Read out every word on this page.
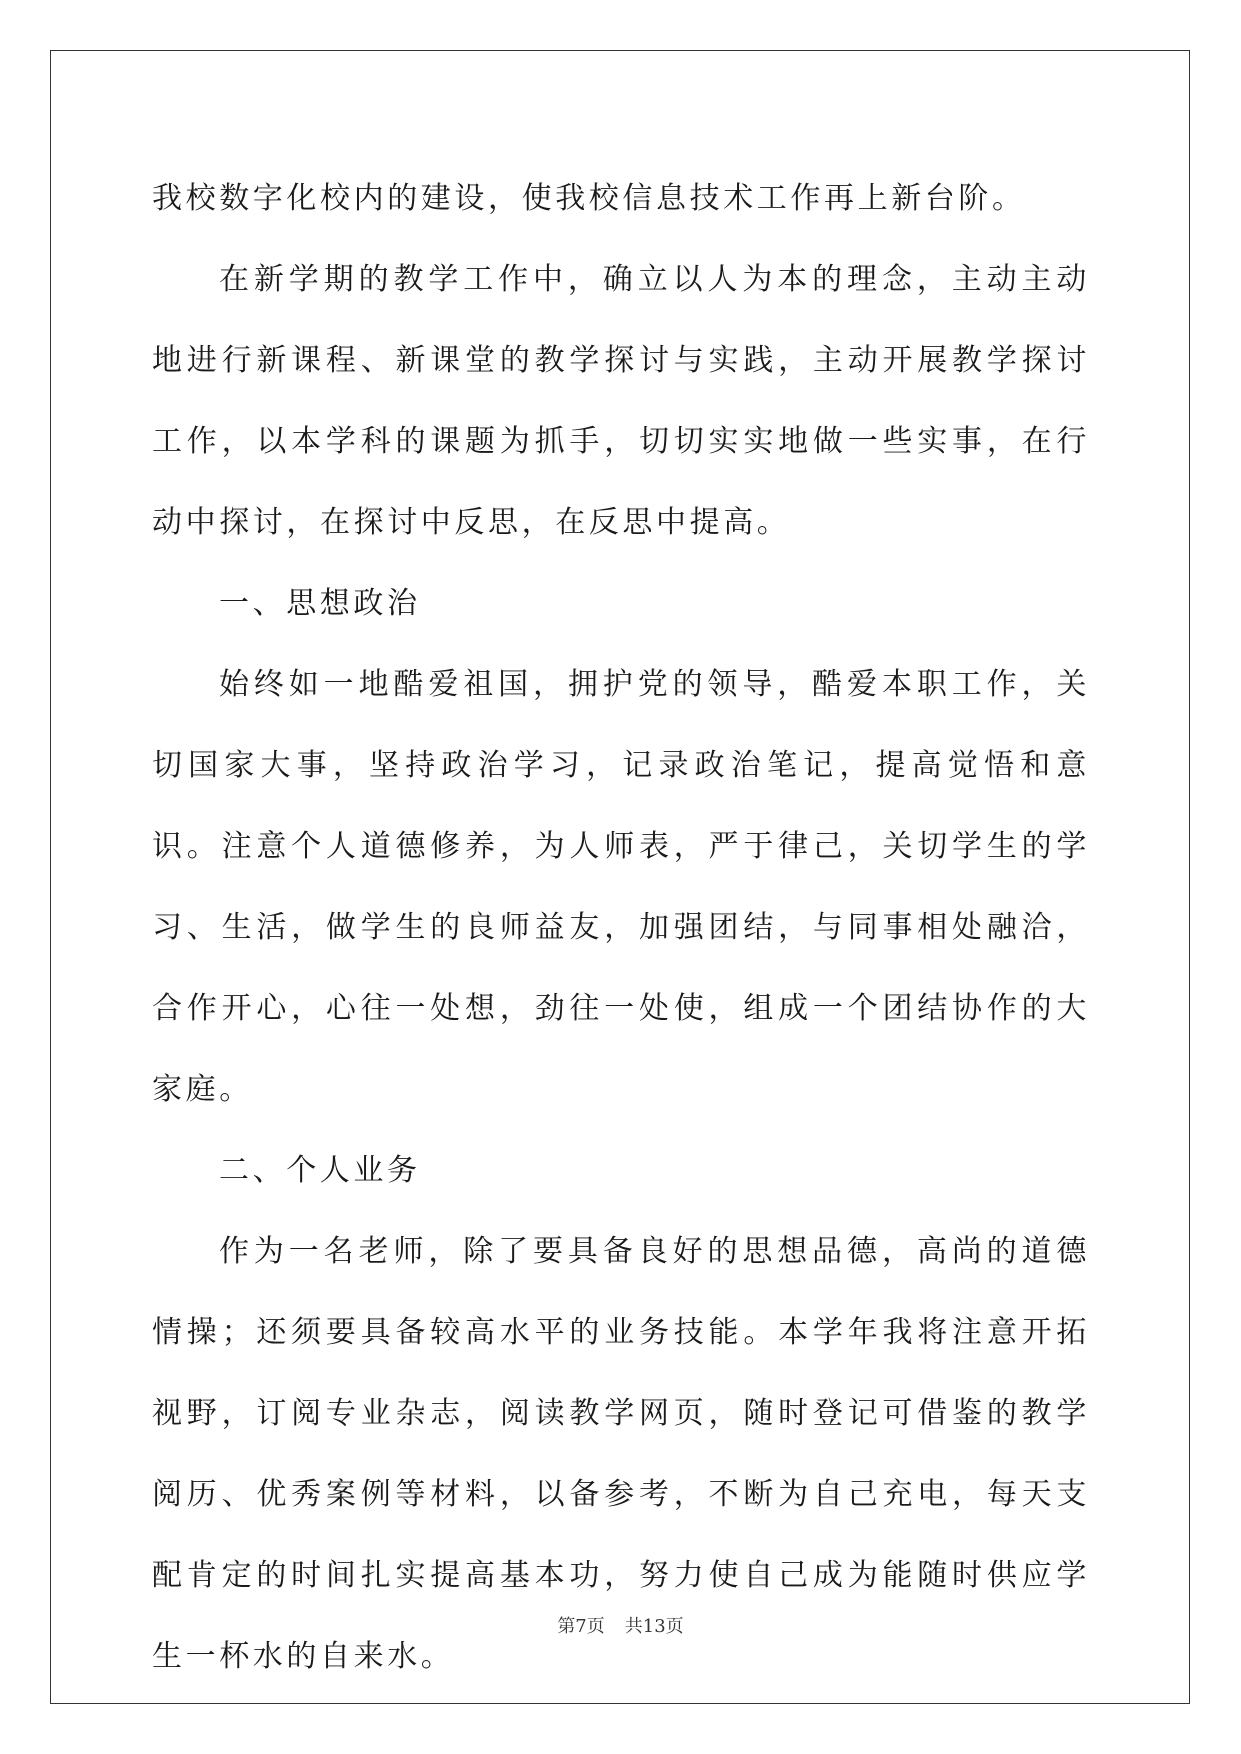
我校数字化校内的建设，使我校信息技术工作再上新台阶。

在新学期的教学工作中，确立以人为本的理念，主动主动地进行新课程、新课堂的教学探讨与实践，主动开展教学探讨工作，以本学科的课题为抓手，切切实实地做一些实事，在行动中探讨，在探讨中反思，在反思中提高。

一、思想政治

始终如一地酷爱祖国，拥护党的领导，酷爱本职工作，关切国家大事，坚持政治学习，记录政治笔记，提高觉悟和意识。注意个人道德修养，为人师表，严于律己，关切学生的学习、生活，做学生的良师益友，加强团结，与同事相处融洽，合作开心，心往一处想，劲往一处使，组成一个团结协作的大家庭。

二、个人业务

作为一名老师，除了要具备良好的思想品德，高尚的道德情操；还须要具备较高水平的业务技能。本学年我将注意开拓视野，订阅专业杂志，阅读教学网页，随时登记可借鉴的教学阅历、优秀案例等材料，以备参考，不断为自己充电，每天支配肯定的时间扎实提高基本功，努力使自己成为能随时供应学生一杯水的自来水。

第7页 共13页
